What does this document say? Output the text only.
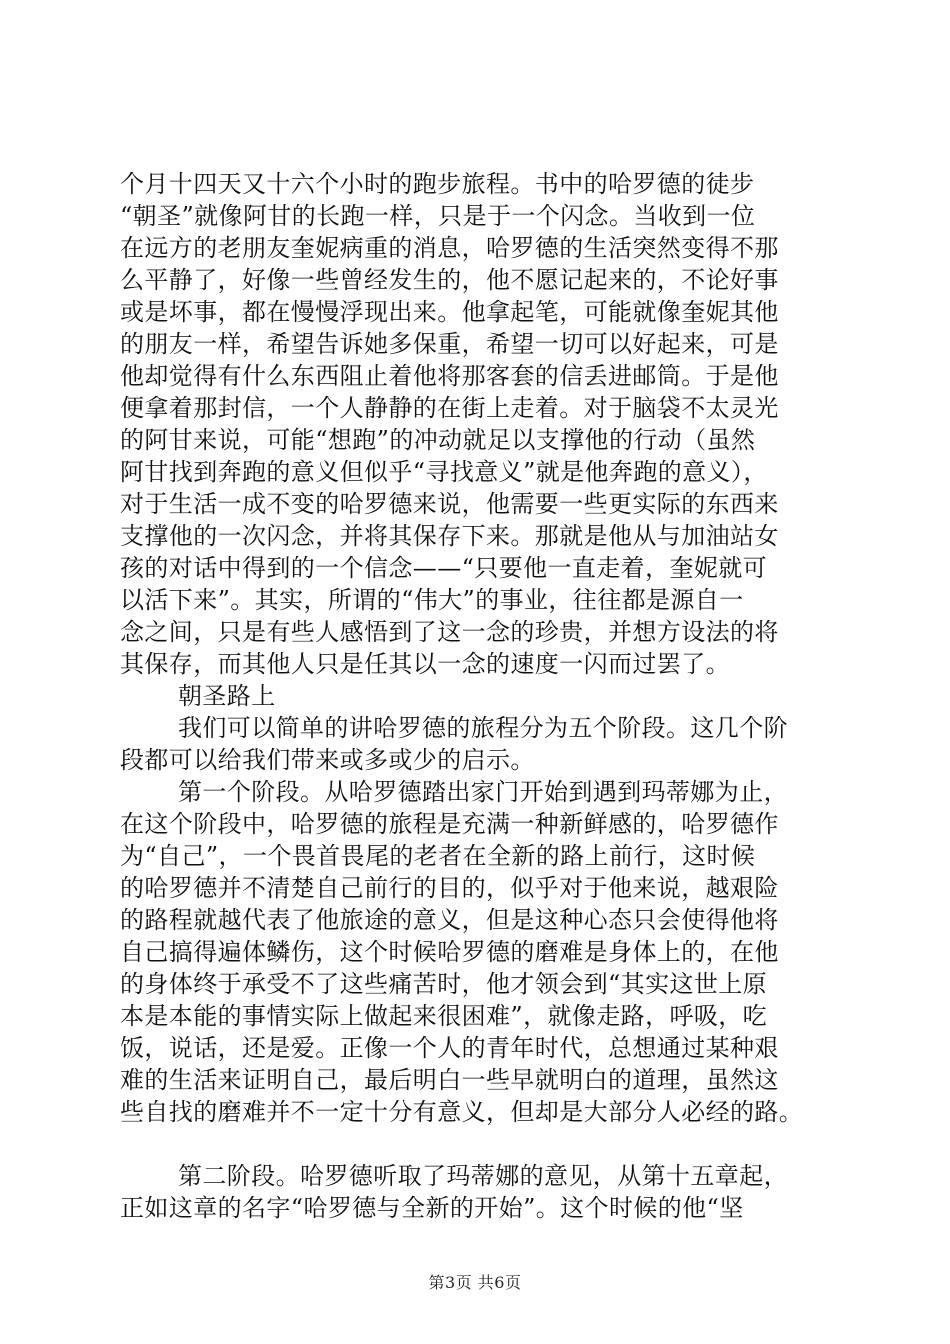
个月十四天又十六个小时的跑步旅程。书中的哈罗德的徒步
“朝圣”就像阿甘的长跑一样，只是于一个闪念。当收到一位
在远方的老朋友奎妮病重的消息，哈罗德的生活突然变得不那
么平静了，好像一些曾经发生的，他不愿记起来的，不论好事
或是坏事，都在慢慢浮现出来。他拿起笔，可能就像奎妮其他
的朋友一样，希望告诉她多保重，希望一切可以好起来，可是
他却觉得有什么东西阻止着他将那客套的信丢进邮筒。于是他
便拿着那封信，一个人静静的在街上走着。对于脑袋不太灵光
的阿甘来说，可能“想跑”的冲动就足以支撑他的行动（虽然
阿甘找到奔跑的意义但似乎“寻找意义”就是他奔跑的意义），
对于生活一成不变的哈罗德来说，他需要一些更实际的东西来
支撑他的一次闪念，并将其保存下来。那就是他从与加油站女
孩的对话中得到的一个信念——“只要他一直走着，奎妮就可
以活下来”。其实，所谓的“伟大”的事业，往往都是源自一
念之间，只是有些人感悟到了这一念的珍贵，并想方设法的将
其保存，而其他人只是任其以一念的速度一闪而过罢了。
朝圣路上
我们可以简单的讲哈罗德的旅程分为五个阶段。这几个阶
段都可以给我们带来或多或少的启示。
第一个阶段。从哈罗德踏出家门开始到遇到玛蒂娜为止，
在这个阶段中，哈罗德的旅程是充满一种新鲜感的，哈罗德作
为“自己”，一个畏首畏尾的老者在全新的路上前行，这时候
的哈罗德并不清楚自己前行的目的，似乎对于他来说，越艰险
的路程就越代表了他旅途的意义，但是这种心态只会使得他将
自己搞得遍体鳞伤，这个时候哈罗德的磨难是身体上的，在他
的身体终于承受不了这些痛苦时，他才领会到“其实这世上原
本是本能的事情实际上做起来很困难”，就像走路，呼吸，吃
饭，说话，还是爱。正像一个人的青年时代，总想通过某种艰
难的生活来证明自己，最后明白一些早就明白的道理，虽然这
些自找的磨难并不一定十分有意义，但却是大部分人必经的路。
第二阶段。哈罗德听取了玛蒂娜的意见，从第十五章起，
正如这章的名字“哈罗德与全新的开始”。这个时候的他“坚
第3页 共6页
